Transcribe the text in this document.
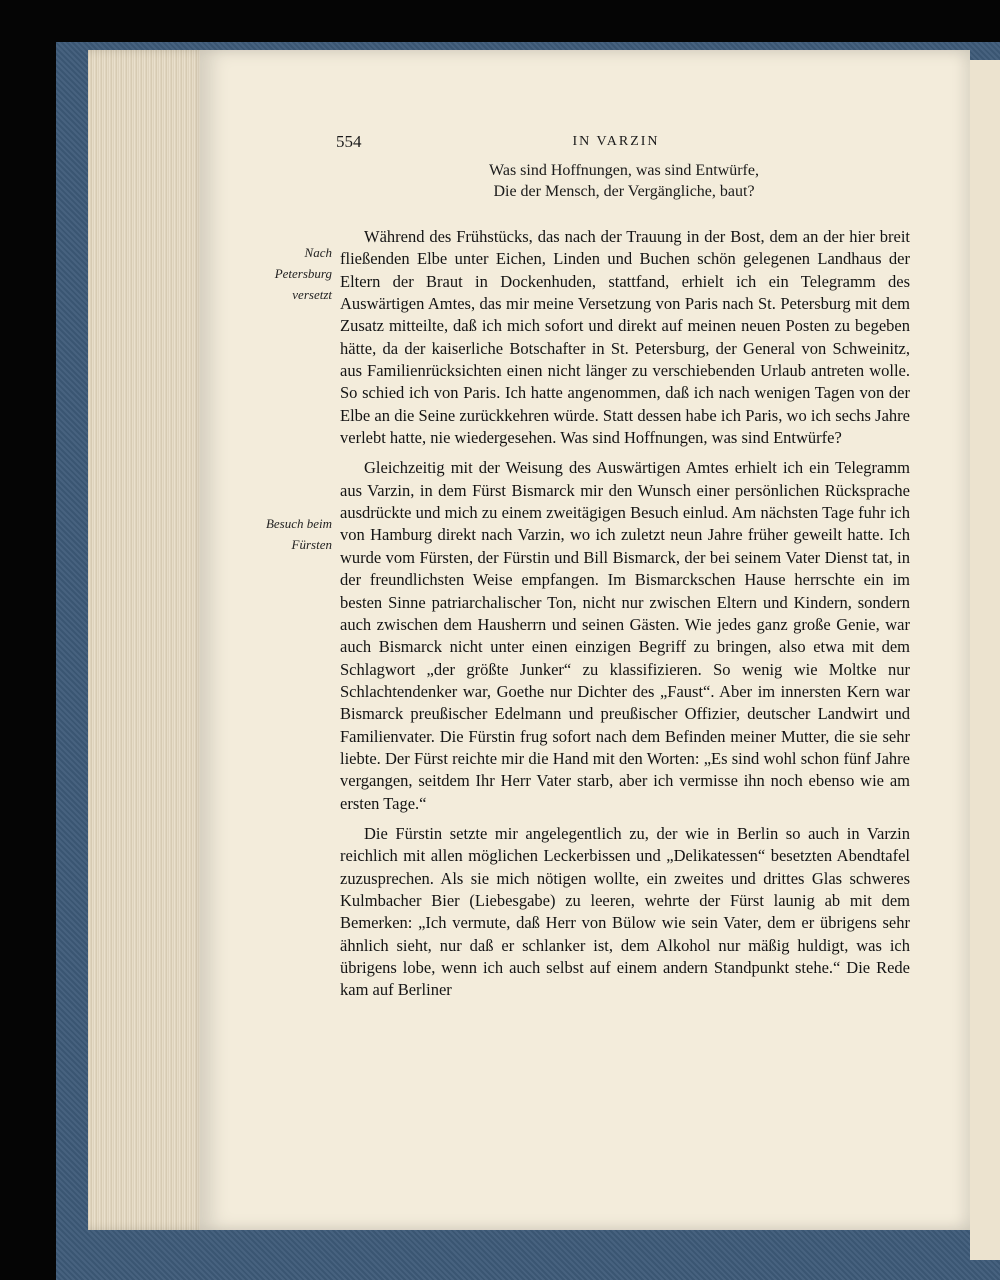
554	IN VARZIN
Was sind Hoffnungen, was sind Entwürfe,
Die der Mensch, der Vergängliche, baut?
Nach
Petersburg
versetzt
Besuch beim
Fürsten

Während des Frühstücks, das nach der Trauung in der Bost, dem an der hier breit fließenden Elbe unter Eichen, Linden und Buchen schön gelegenen Landhaus der Eltern der Braut in Dockenhuden, stattfand, erhielt ich ein Telegramm des Auswärtigen Amtes, das mir meine Versetzung von Paris nach St. Petersburg mit dem Zusatz mitteilte, daß ich mich sofort und direkt auf meinen neuen Posten zu begeben hätte, da der kaiserliche Botschafter in St. Petersburg, der General von Schweinitz, aus Familienrücksichten einen nicht länger zu verschiebenden Urlaub antreten wolle. So schied ich von Paris. Ich hatte angenommen, daß ich nach wenigen Tagen von der Elbe an die Seine zurückkehren würde. Statt dessen habe ich Paris, wo ich sechs Jahre verlebt hatte, nie wiedergesehen. Was sind Hoffnungen, was sind Entwürfe?

Gleichzeitig mit der Weisung des Auswärtigen Amtes erhielt ich ein Telegramm aus Varzin, in dem Fürst Bismarck mir den Wunsch einer persönlichen Rücksprache ausdrückte und mich zu einem zweitägigen Besuch einlud. Am nächsten Tage fuhr ich von Hamburg direkt nach Varzin, wo ich zuletzt neun Jahre früher geweilt hatte. Ich wurde vom Fürsten, der Fürstin und Bill Bismarck, der bei seinem Vater Dienst tat, in der freundlichsten Weise empfangen. Im Bismarckschen Hause herrschte ein im besten Sinne patriarchalischer Ton, nicht nur zwischen Eltern und Kindern, sondern auch zwischen dem Hausherrn und seinen Gästen. Wie jedes ganz große Genie, war auch Bismarck nicht unter einen einzigen Begriff zu bringen, also etwa mit dem Schlagwort „der größte Junker“ zu klassifizieren. So wenig wie Moltke nur Schlachtendenker war, Goethe nur Dichter des „Faust“. Aber im innersten Kern war Bismarck preußischer Edelmann und preußischer Offizier, deutscher Landwirt und Familienvater. Die Fürstin frug sofort nach dem Befinden meiner Mutter, die sie sehr liebte. Der Fürst reichte mir die Hand mit den Worten: „Es sind wohl schon fünf Jahre vergangen, seitdem Ihr Herr Vater starb, aber ich vermisse ihn noch ebenso wie am ersten Tage.“

Die Fürstin setzte mir angelegentlich zu, der wie in Berlin so auch in Varzin reichlich mit allen möglichen Leckerbissen und „Delikatessen“ besetzten Abendtafel zuzusprechen. Als sie mich nötigen wollte, ein zweites und drittes Glas schweres Kulmbacher Bier (Liebesgabe) zu leeren, wehrte der Fürst launig ab mit dem Bemerken: „Ich vermute, daß Herr von Bülow wie sein Vater, dem er übrigens sehr ähnlich sieht, nur daß er schlanker ist, dem Alkohol nur mäßig huldigt, was ich übrigens lobe, wenn ich auch selbst auf einem andern Standpunkt stehe.“ Die Rede kam auf Berliner
